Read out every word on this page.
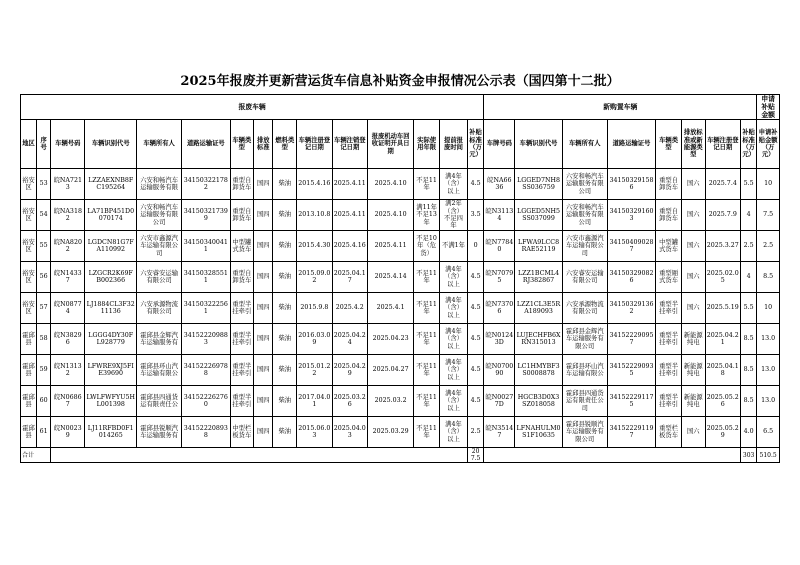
2025年报废并更新营运货车信息补贴资金申报情况公示表（国四第十二批）
报废车辆															新购置车辆								申请补贴金额
地区	序号	车辆号码	车辆识别代号	车辆所有人	道路运输证号	车辆类型	排放标准	燃料类型	车辆注册登记日期	车辆注销登记日期	报废机动车回收证明开具日期	实际使用年限	提前报废时间	补贴标准（万元）	车牌号码	车辆识别代号	车辆所有人	道路运输证号	车辆类型	排放标准或新能源类型	车辆注册登记日期	补贴标准（万元）	申请补贴金额（万元）
裕安区	53	皖NA7213	LZZAEXNB8FC195264	六安和畅汽车运输服务有限	341503221782	重型自卸货车	国四	柴油	2015.4.16	2025.4.11	2025.4.10	不足11年	满4年（含）以上	4.5	皖NA6636	LGGED7NH8SS036759	六安和畅汽车运输服务有限公司	341503291586	重型自卸货车	国六	2025.7.4	5.5	10
裕安区	54	皖NA3182	LA71BP451D0070174	六安和畅汽车运输服务有限公司	341503217399	重型自卸货车	国四	柴油	2013.10.8	2025.4.11	2025.4.10	满11年不足13年	满2年（含）不足四年	3.5	皖N31134	LGGED5NH5SS037099	六安和畅汽车运输服务有限公司	341503291603	重型自卸货车	国六	2025.7.9	4	7.5
裕安区	55	皖NA8202	LGDCN81G7FA110992	六安市鑫源汽车运输有限公司	341503400411	中型罐式货车	国四	柴油	2015.4.30	2025.4.16	2025.4.11	不足10年（危货）	不满1年	0	皖N77840	LFWA9LCC8RAE52119	六安市鑫源汽车运输有限公司	341504090287	中型罐式货车	国六	2025.3.27	2.5	2.5
裕安区	56	皖N14337	LZGCR2K69FB002366	六安睿安运输有限公司	341503285511	重型自卸货车	国四	柴油	2015.09.02	2025.04.17	2025.4.14	不足11年	满4年（含）以上	4.5	皖N70795	LZZ1BCML4RJ382867	六安睿安运输有限公司	341503290826	重型厢式货车	国六	2025.02.05	4	8.5
裕安区	57	皖N08774	LJ1884CL3F3211136	六安承源物流有限公司	341503222561	重型半挂牵引	国四	柴油	2015.9.8	2025.4.2	2025.4.1	不足11年	满4年（含）以上	4.5	皖N73706	LZZ1CL3E5RA189093	六安承源物流有限公司	341503291362	重型半挂牵引	国六	2025.5.19	5.5	10
霍邱县	58	皖N38296	LGGG4DY30FL928779	霍邱县金辉汽车运输服务有	341522209883	重型半挂牵引	国四	柴油	2016.03.09	2025.04.24	2025.04.23	不足11年	满4年（含）以上	4.5	皖N01243D	LUJECHFB6XRN315013	霍邱县金辉汽车运输服务有限公司	341522290957	重型半挂牵引	新能源纯电	2025.04.21	8.5	13.0
霍邱县	59	皖N13132	LFWRE9XJ5FIE39690	霍邱县环山汽车运输有限公	341522269788	重型半挂牵引	国四	柴油	2015.01.22	2025.04.29	2025.04.27	不足11年	满4年（含）以上	4.5	皖N070090	LC1HMYBF3S0008878	霍邱县环山汽车运输有限公	341522290935	重型半挂牵引	新能源纯电	2025.04.18	8.5	13.0
霍邱县	60	皖N06867	LWLFWFYU5HL001398	霍邱县四通货运有限责任公	341522262760	重型半挂牵引	国四	柴油	2017.04.01	2025.03.26	2025.03.2	不足11年	满4年（含）以上	4.5	皖N00277D	HGCB3D0X3SZ018058	霍邱县四通货运有限责任公司	341522291175	重型半挂牵引	新能源纯电	2025.05.26	8.5	13.0
霍邱县	61	皖N00239	LJ11RFBD0F1014265	霍邱县锐顺汽车运输服务有	341522208938	中型栏板货车	国四	柴油	2015.06.03	2025.04.03	2025.03.29	不足11年	满4年（含）以上	2.5	皖N35147	LFNAHULM0S1F10635	霍邱县锐顺汽车运输服务有限公司	341522291197	重型栏板货车	国六	2025.05.29	4.0	6.5
合计														207.5								303	510.5
